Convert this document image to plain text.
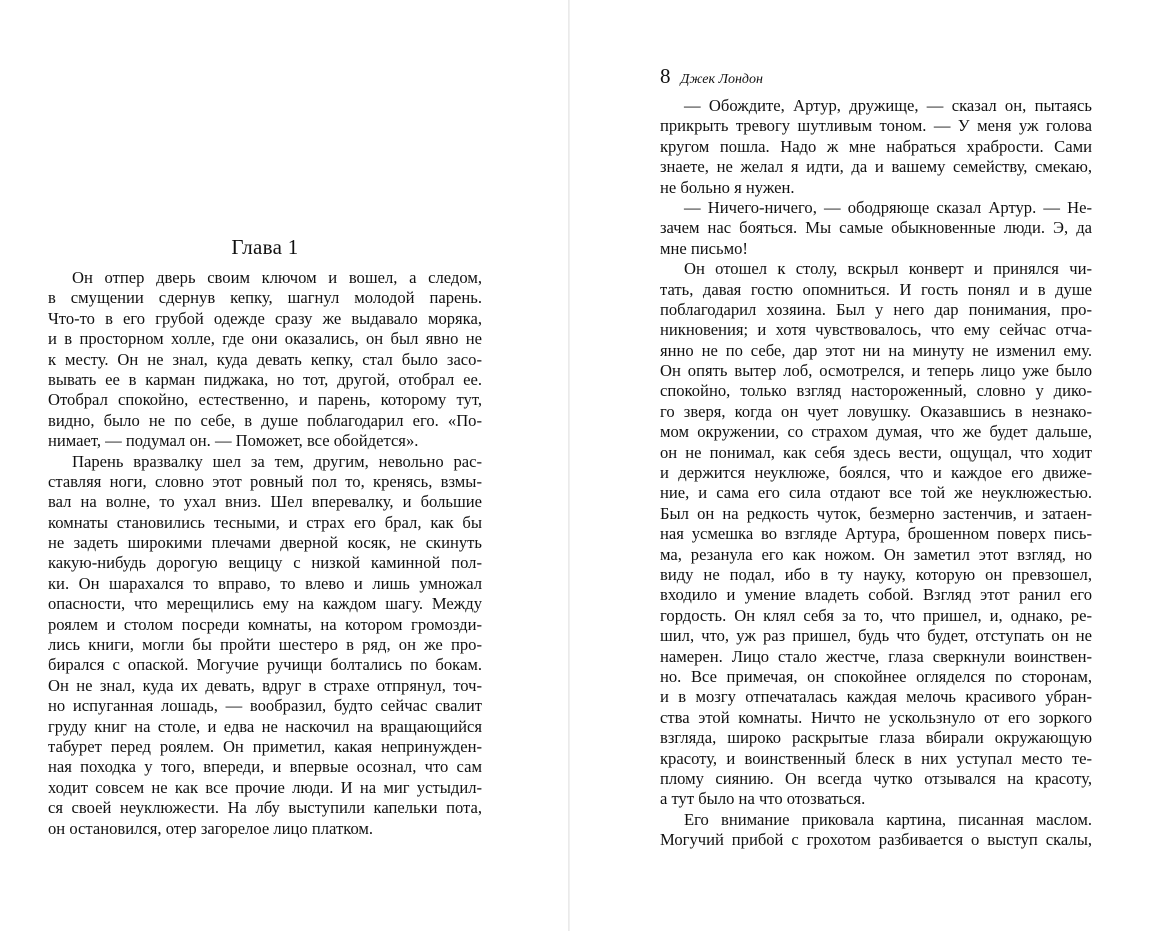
Глава 1
Он отпер дверь своим ключом и вошел, а следом,
в смущении сдернув кепку, шагнул молодой парень.
Что-то в его грубой одежде сразу же выдавало моряка,
и в просторном холле, где они оказались, он был явно не
к месту. Он не знал, куда девать кепку, стал было засо-
вывать ее в карман пиджака, но тот, другой, отобрал ее.
Отобрал спокойно, естественно, и парень, которому тут,
видно, было не по себе, в душе поблагодарил его. «По-
нимает, — подумал он. — Поможет, все обойдется».
Парень вразвалку шел за тем, другим, невольно рас-
ставляя ноги, словно этот ровный пол то, кренясь, взмы-
вал на волне, то ухал вниз. Шел вперевалку, и большие
комнаты становились тесными, и страх его брал, как бы
не задеть широкими плечами дверной косяк, не скинуть
какую-нибудь дорогую вещицу с низкой каминной пол-
ки. Он шарахался то вправо, то влево и лишь умножал
опасности, что мерещились ему на каждом шагу. Между
роялем и столом посреди комнаты, на котором громозди-
лись книги, могли бы пройти шестеро в ряд, он же про-
бирался с опаской. Могучие ручищи болтались по бокам.
Он не знал, куда их девать, вдруг в страхе отпрянул, точ-
но испуганная лошадь, — вообразил, будто сейчас свалит
груду книг на столе, и едва не наскочил на вращающийся
табурет перед роялем. Он приметил, какая непринужден-
ная походка у того, впереди, и впервые осознал, что сам
ходит совсем не как все прочие люди. И на миг устыдил-
ся своей неуклюжести. На лбу выступили капельки пота,
он остановился, отер загорелое лицо платком.
8 Джек Лондон
— Обождите, Артур, дружище, — сказал он, пытаясь
прикрыть тревогу шутливым тоном. — У меня уж голова
кругом пошла. Надо ж мне набраться храбрости. Сами
знаете, не желал я идти, да и вашему семейству, смекаю,
не больно я нужен.
— Ничего-ничего, — ободряюще сказал Артур. — Не-
зачем нас бояться. Мы самые обыкновенные люди. Э, да
мне письмо!
Он отошел к столу, вскрыл конверт и принялся чи-
тать, давая гостю опомниться. И гость понял и в душе
поблагодарил хозяина. Был у него дар понимания, про-
никновения; и хотя чувствовалось, что ему сейчас отча-
янно не по себе, дар этот ни на минуту не изменил ему.
Он опять вытер лоб, осмотрелся, и теперь лицо уже было
спокойно, только взгляд настороженный, словно у дико-
го зверя, когда он чует ловушку. Оказавшись в незнако-
мом окружении, со страхом думая, что же будет дальше,
он не понимал, как себя здесь вести, ощущал, что ходит
и держится неуклюже, боялся, что и каждое его движе-
ние, и сама его сила отдают все той же неуклюжестью.
Был он на редкость чуток, безмерно застенчив, и затаен-
ная усмешка во взгляде Артура, брошенном поверх пись-
ма, резанула его как ножом. Он заметил этот взгляд, но
виду не подал, ибо в ту науку, которую он превзошел,
входило и умение владеть собой. Взгляд этот ранил его
гордость. Он клял себя за то, что пришел, и, однако, ре-
шил, что, уж раз пришел, будь что будет, отступать он не
намерен. Лицо стало жестче, глаза сверкнули воинствен-
но. Все примечая, он спокойнее огляделся по сторонам,
и в мозгу отпечаталась каждая мелочь красивого убран-
ства этой комнаты. Ничто не ускользнуло от его зоркого
взгляда, широко раскрытые глаза вбирали окружающую
красоту, и воинственный блеск в них уступал место те-
плому сиянию. Он всегда чутко отзывался на красоту,
а тут было на что отозваться.
Его внимание приковала картина, писанная маслом.
Могучий прибой с грохотом разбивается о выступ скалы,
